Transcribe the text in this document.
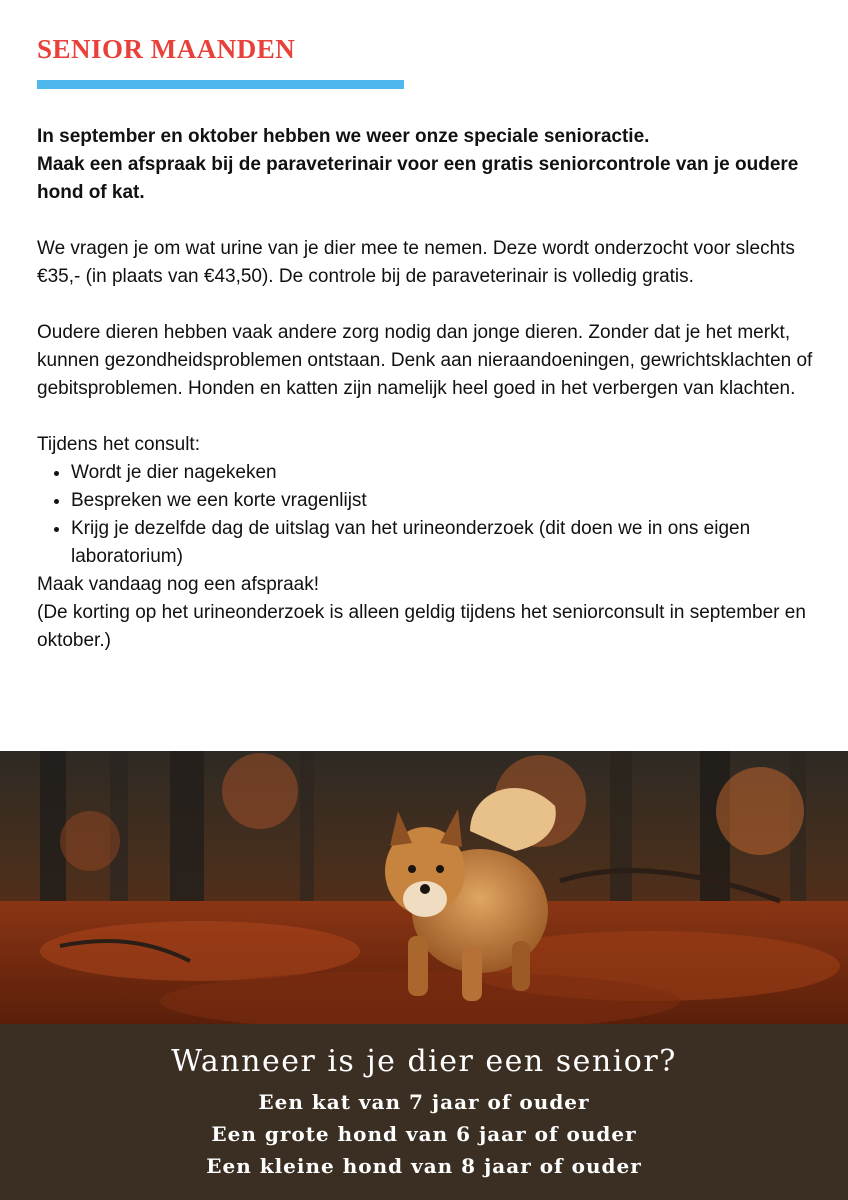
SENIOR MAANDEN

In september en oktober hebben we weer onze speciale senioractie.

Maak een afspraak bij de paraveterinair voor een gratis seniorcontrole van je oudere hond of kat.

We vragen je om wat urine van je dier mee te nemen. Deze wordt onderzocht voor slechts €35,- (in plaats van €43,50). De controle bij de paraveterinair is volledig gratis.

Oudere dieren hebben vaak andere zorg nodig dan jonge dieren. Zonder dat je het merkt, kunnen gezondheidsproblemen ontstaan. Denk aan nieraandoeningen, gewrichtsklachten of gebitsproblemen. Honden en katten zijn namelijk heel goed in het verbergen van klachten.

Tijdens het consult:

• Wordt je dier nagekeken
• Bespreken we een korte vragenlijst
• Krijg je dezelfde dag de uitslag van het urineonderzoek (dit doen we in ons eigen laboratorium)

Maak vandaag nog een afspraak!

(De korting op het urineonderzoek is alleen geldig tijdens het seniorconsult in september en oktober.)

Wanneer is je dier een senior?
Een kat van 7 jaar of ouder
Een grote hond van 6 jaar of ouder
Een kleine hond van 8 jaar of ouder
